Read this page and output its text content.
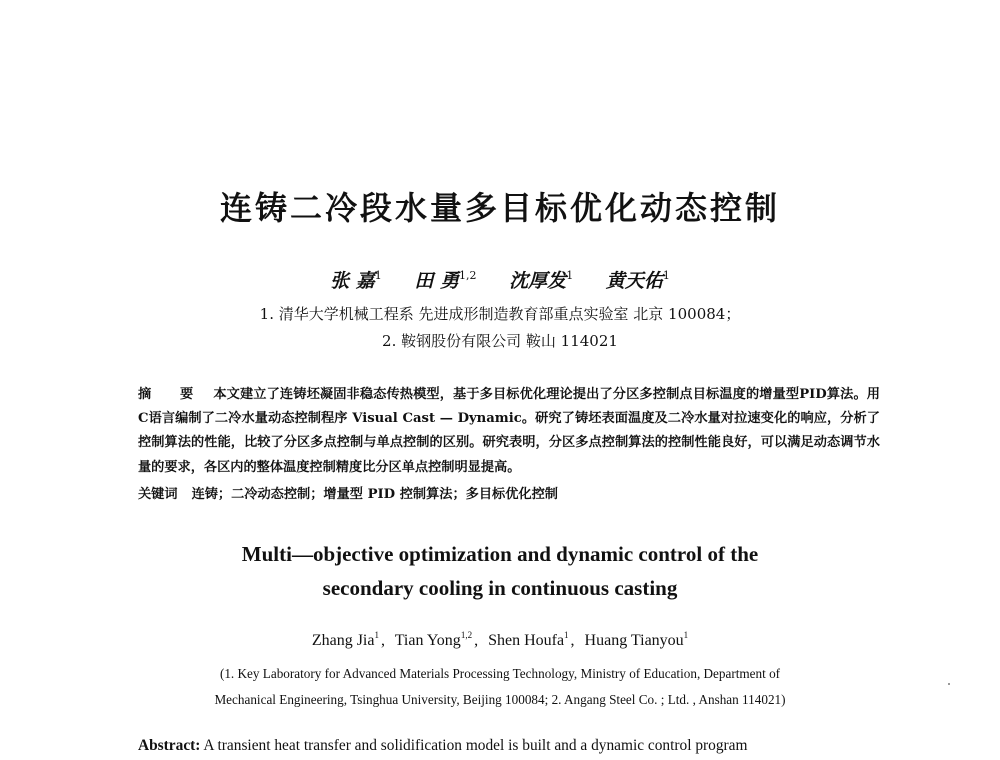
连铸二冷段水量多目标优化动态控制
张 嘉$^1$ 田 勇$^{1,2}$ 沈厚发$^1$ 黄天佑$^1$
1. 清华大学机械工程系 先进成形制造教育部重点实验室 北京 100084；
2. 鞍钢股份有限公司 鞍山 114021
摘 要 本文建立了连铸坯凝固非稳态传热模型，基于多目标优化理论提出了分区多控制点目标温度的增量型PID算法。用C语言编制了二冷水量动态控制程序 Visual Cast — Dynamic。研究了铸坯表面温度及二冷水量对拉速变化的响应，分析了控制算法的性能，比较了分区多点控制与单点控制的区别。研究表明，分区多点控制算法的控制性能良好，可以满足动态调节水量的要求，各区内的整体温度控制精度比分区单点控制明显提高。
关键词 连铸；二冷动态控制；增量型 PID 控制算法；多目标优化控制
Multi—objective optimization and dynamic control of the
secondary cooling in continuous casting
Zhang Jia$^1$ , Tian Yong$^{1,2}$ , Shen Houfa$^1$ , Huang Tianyou$^1$
(1. Key Laboratory for Advanced Materials Processing Technology, Ministry of Education, Department of
Mechanical Engineering, Tsinghua University, Beijing 100084; 2. Angang Steel Co. ; Ltd. , Anshan 114021)
Abstract: A transient heat transfer and solidification model is built and a dynamic control program
